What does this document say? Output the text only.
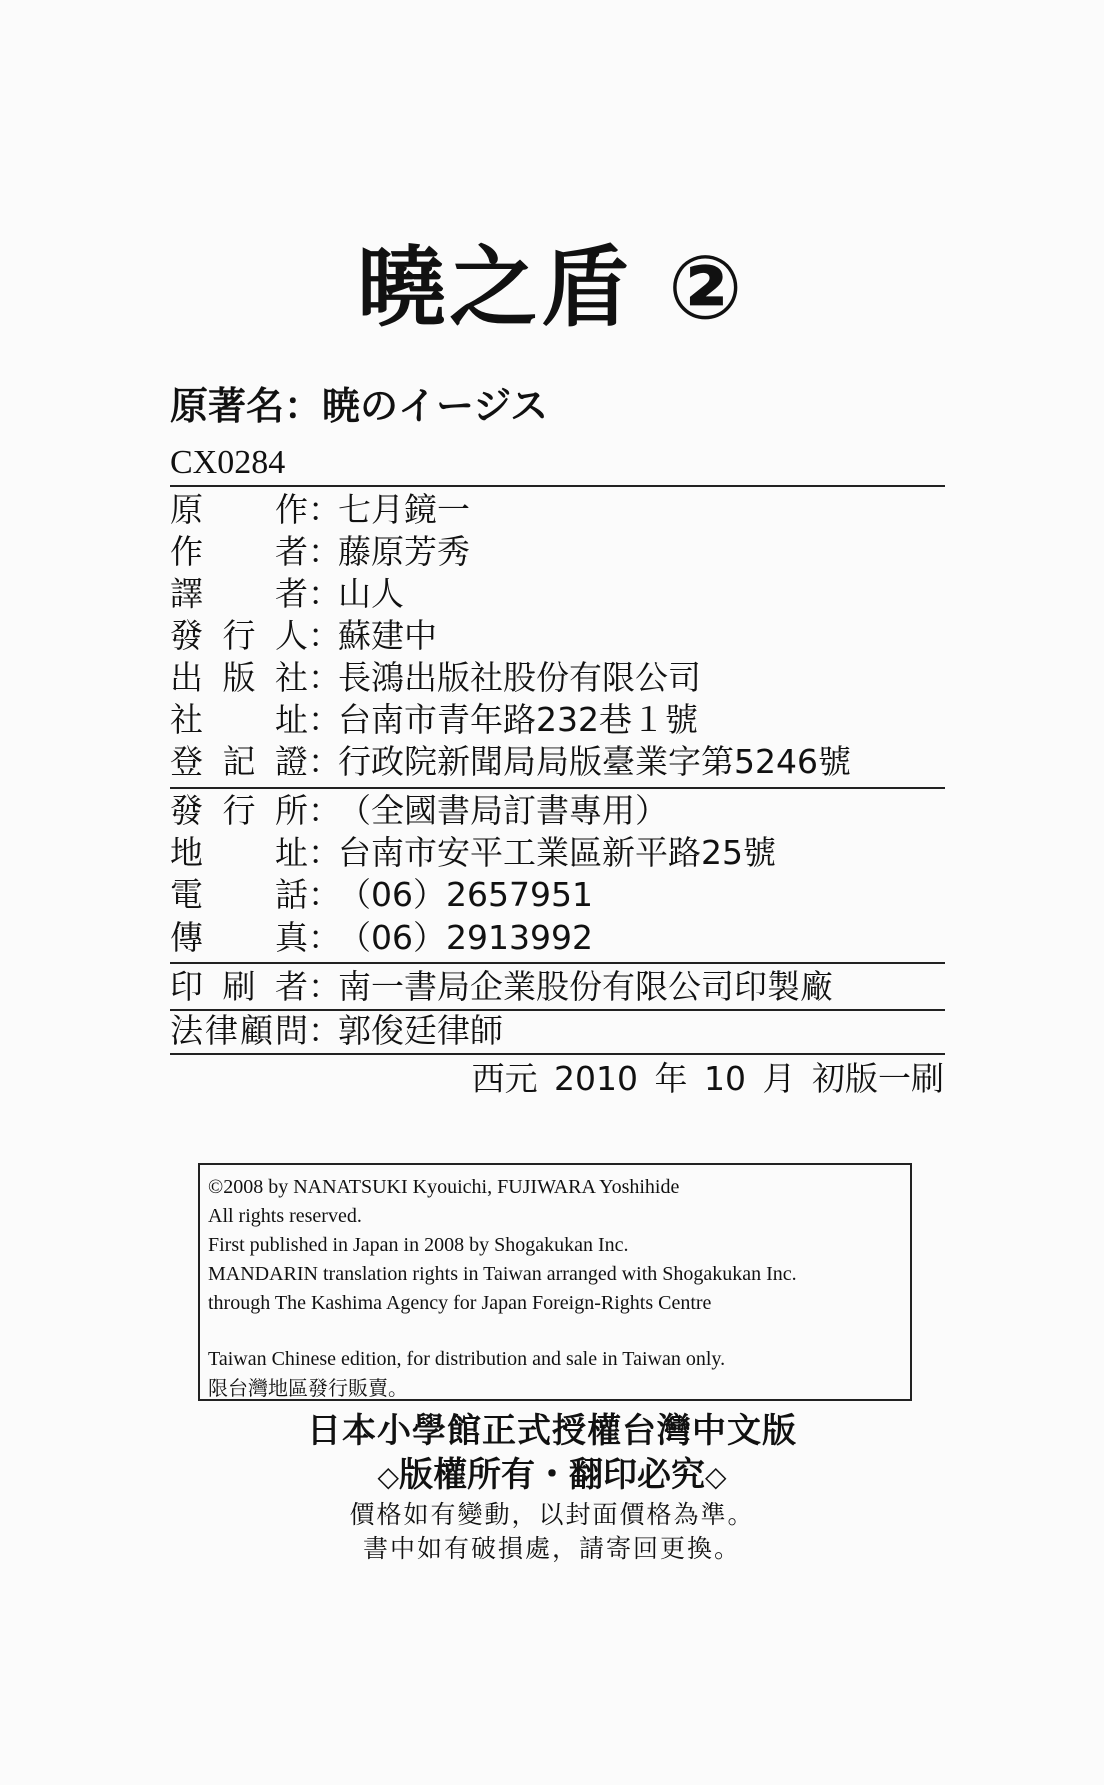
曉之盾 ②
原著名：暁のイージス
CX0284
原作：七月鏡一
作者：藤原芳秀
譯者：山人
發行人：蘇建中
出版社：長鴻出版社股份有限公司
社址：台南市青年路232巷１號
登記證：行政院新聞局局版臺業字第5246號
發行所：（全國書局訂書專用）
地址：台南市安平工業區新平路25號
電話：（06）2657951
傳真：（06）2913992
印刷者：南一書局企業股份有限公司印製廠
法律顧問：郭俊廷律師
西元 2010 年 10 月 初版一刷
©2008 by NANATSUKI Kyouichi, FUJIWARA Yoshihide
All rights reserved.
First published in Japan in 2008 by Shogakukan Inc.
MANDARIN translation rights in Taiwan arranged with Shogakukan Inc.
through The Kashima Agency for Japan Foreign-Rights Centre
Taiwan Chinese edition, for distribution and sale in Taiwan only.
限台灣地區發行販賣。
日本小學館正式授權台灣中文版
◇版權所有・翻印必究◇
價格如有變動，以封面價格為準。
書中如有破損處，請寄回更換。
